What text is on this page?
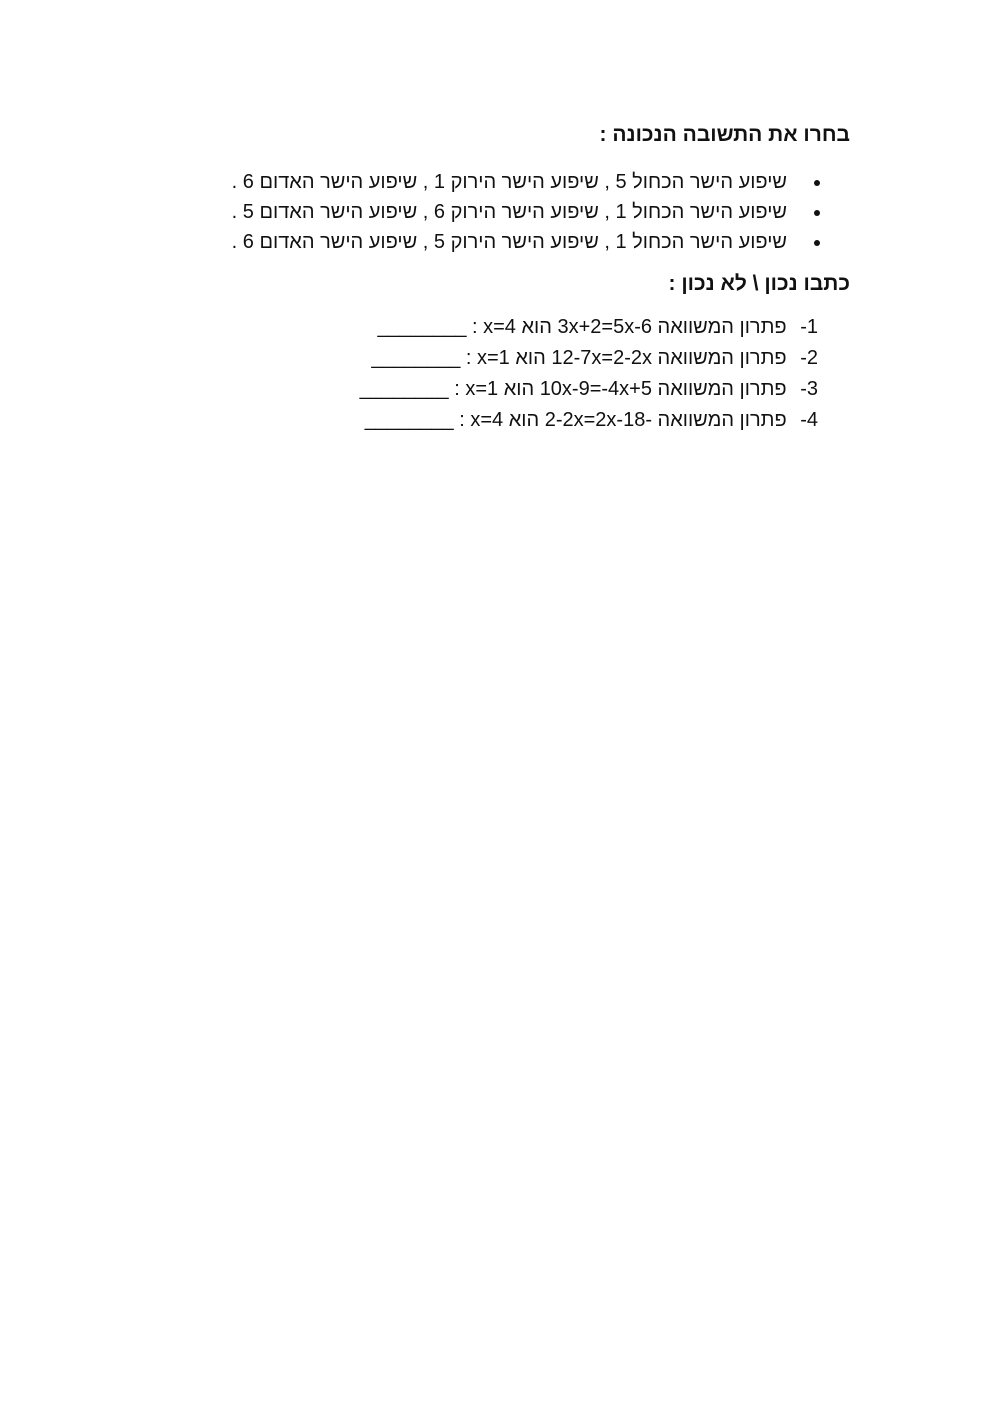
בחרו את התשובה הנכונה :
שיפוע הישר הכחול 5 , שיפוע הישר הירוק 1 , שיפוע הישר האדום 6 .
שיפוע הישר הכחול 1 , שיפוע הישר הירוק 6 , שיפוע הישר האדום 5 .
שיפוע הישר הכחול 1 , שיפוע הישר הירוק 5 , שיפוע הישר האדום 6 .
כתבו נכון \ לא נכון :
1- פתרון המשוואה 3x+2=5x-6 הוא x=4 : ________
2- פתרון המשוואה 12-7x=2-2x הוא x=1 : ________
3- פתרון המשוואה 10x-9=-4x+5 הוא x=1 : ________
4- פתרון המשוואה -2-2x=2x-18 הוא x=4 : ________
